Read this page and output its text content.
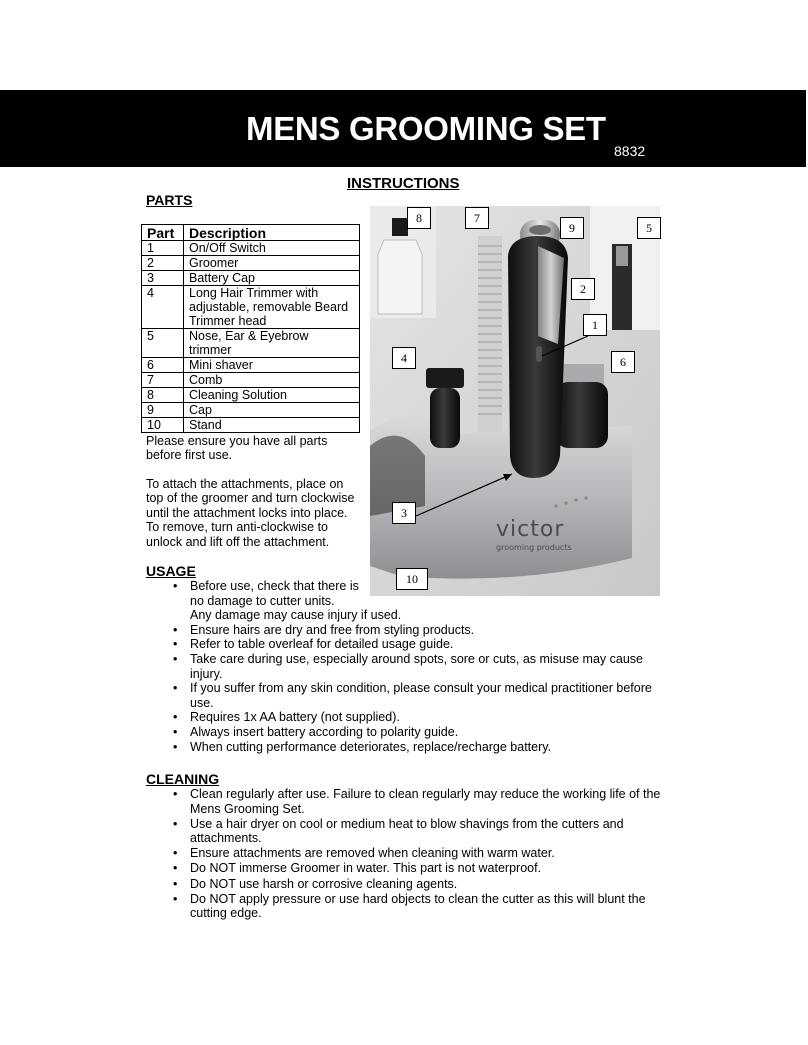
MENS GROOMING SET
8832
INSTRUCTIONS
PARTS
Part	Description
1	On/Off Switch
2	Groomer
3	Battery Cap
4	Long Hair Trimmer with adjustable, removable Beard Trimmer head
5	Nose, Ear & Eyebrow trimmer
6	Mini shaver
7	Comb
8	Cleaning Solution
9	Cap
10	Stand
Please ensure you have all parts before first use.
To attach the attachments, place on top of the groomer and turn clockwise until the attachment locks into place. To remove, turn anti-clockwise to unlock and lift off the attachment.	victor
grooming products
8	7
9	5
2
1
4	6
3
10
USAGE
• Before use, check that there is
no damage to cutter units.
Any damage may cause injury if used.
• Ensure hairs are dry and free from styling products.
• Refer to table overleaf for detailed usage guide.
• Take care during use, especially around spots, sore or cuts, as misuse may cause injury.
• If you suffer from any skin condition, please consult your medical practitioner before use.
• Requires 1x AA battery (not supplied).
• Always insert battery according to polarity guide.
• When cutting performance deteriorates, replace/recharge battery.
CLEANING
• Clean regularly after use. Failure to clean regularly may reduce the working life of the Mens Grooming Set.
• Use a hair dryer on cool or medium heat to blow shavings from the cutters and attachments.
• Ensure attachments are removed when cleaning with warm water.
• Do NOT immerse Groomer in water. This part is not waterproof.
• Do NOT use harsh or corrosive cleaning agents.
• Do NOT apply pressure or use hard objects to clean the cutter as this will blunt the cutting edge.
